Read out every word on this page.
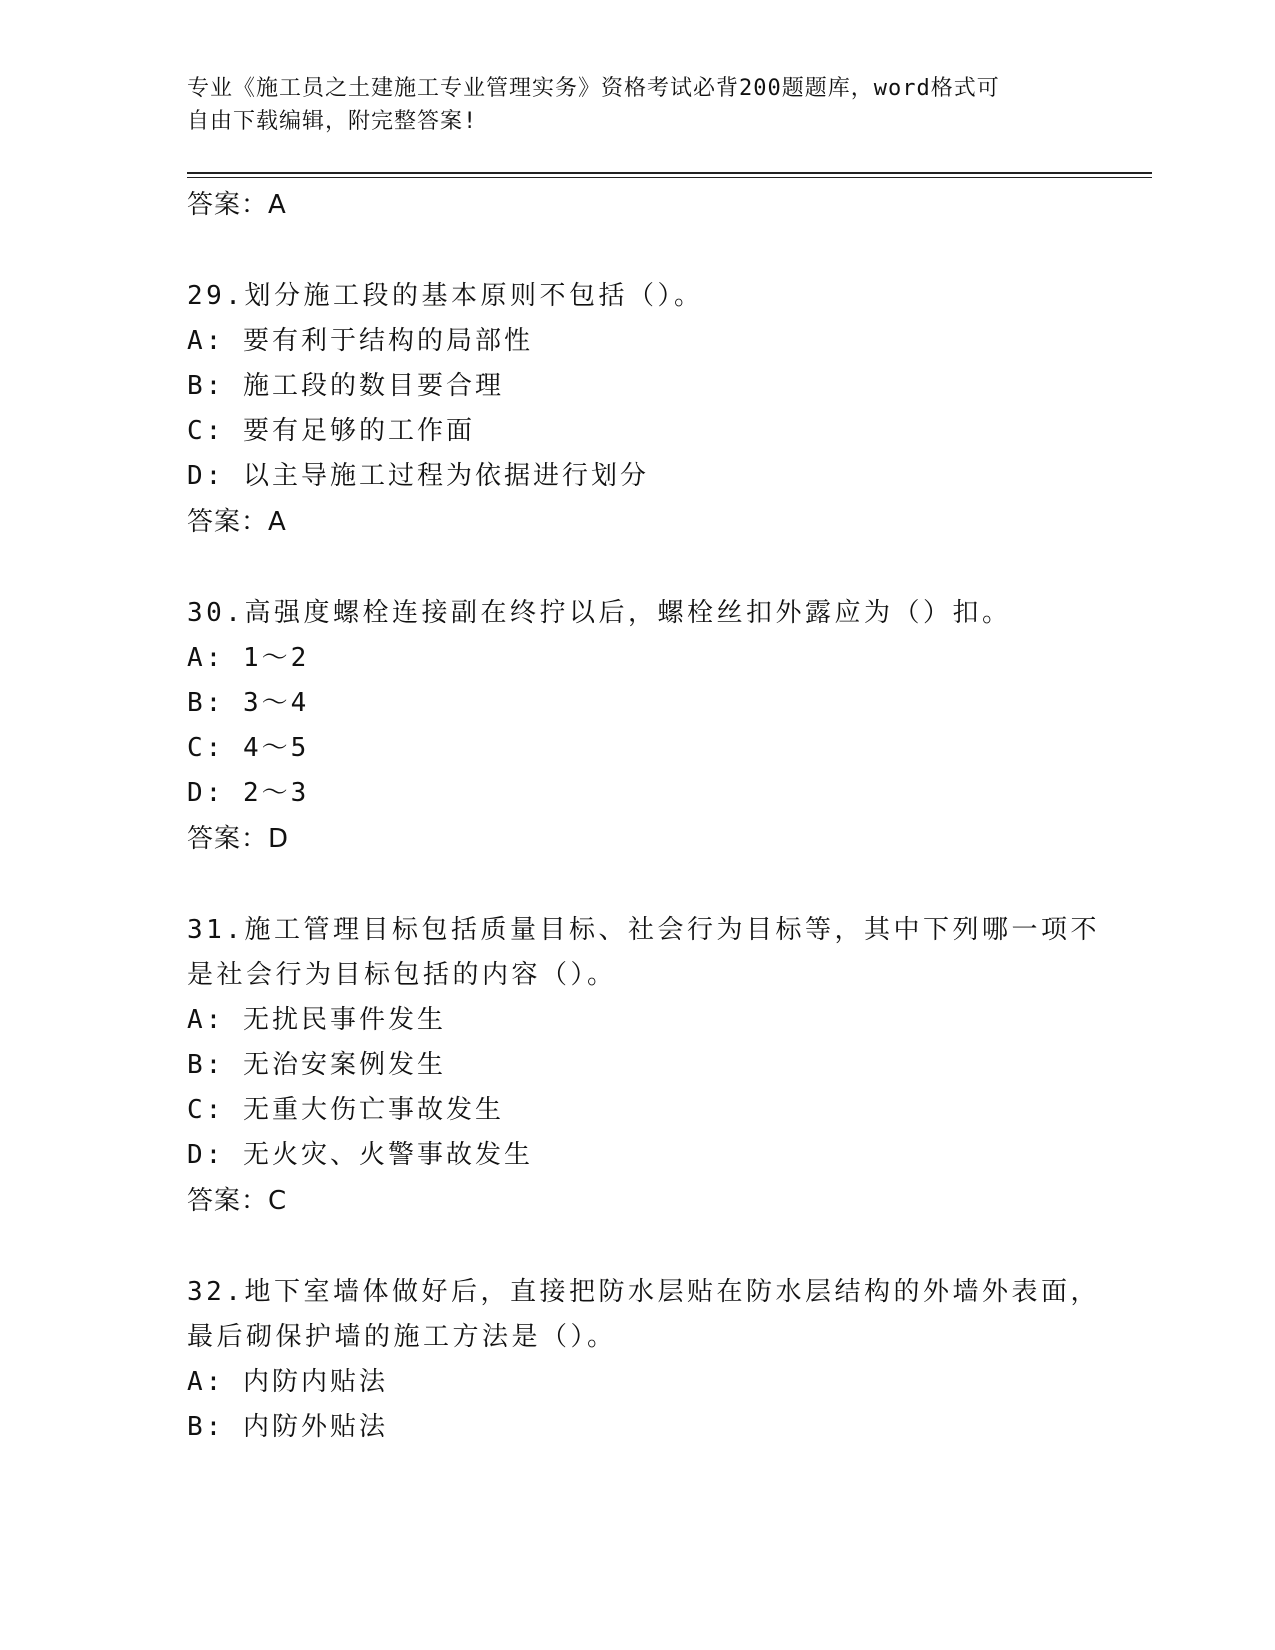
专业《施工员之土建施工专业管理实务》资格考试必背200题题库，word格式可

自由下载编辑，附完整答案!

答案：A

29.划分施工段的基本原则不包括（）。

A: 要有利于结构的局部性

B: 施工段的数目要合理

C: 要有足够的工作面

D: 以主导施工过程为依据进行划分

答案：A

30.高强度螺栓连接副在终拧以后，螺栓丝扣外露应为（）扣。

A: 1～2

B: 3～4

C: 4～5

D: 2～3

答案：D

31.施工管理目标包括质量目标、社会行为目标等，其中下列哪一项不

是社会行为目标包括的内容（）。

A: 无扰民事件发生

B: 无治安案例发生

C: 无重大伤亡事故发生

D: 无火灾、火警事故发生

答案：C

32.地下室墙体做好后，直接把防水层贴在防水层结构的外墙外表面，

最后砌保护墙的施工方法是（）。

A: 内防内贴法

B: 内防外贴法
